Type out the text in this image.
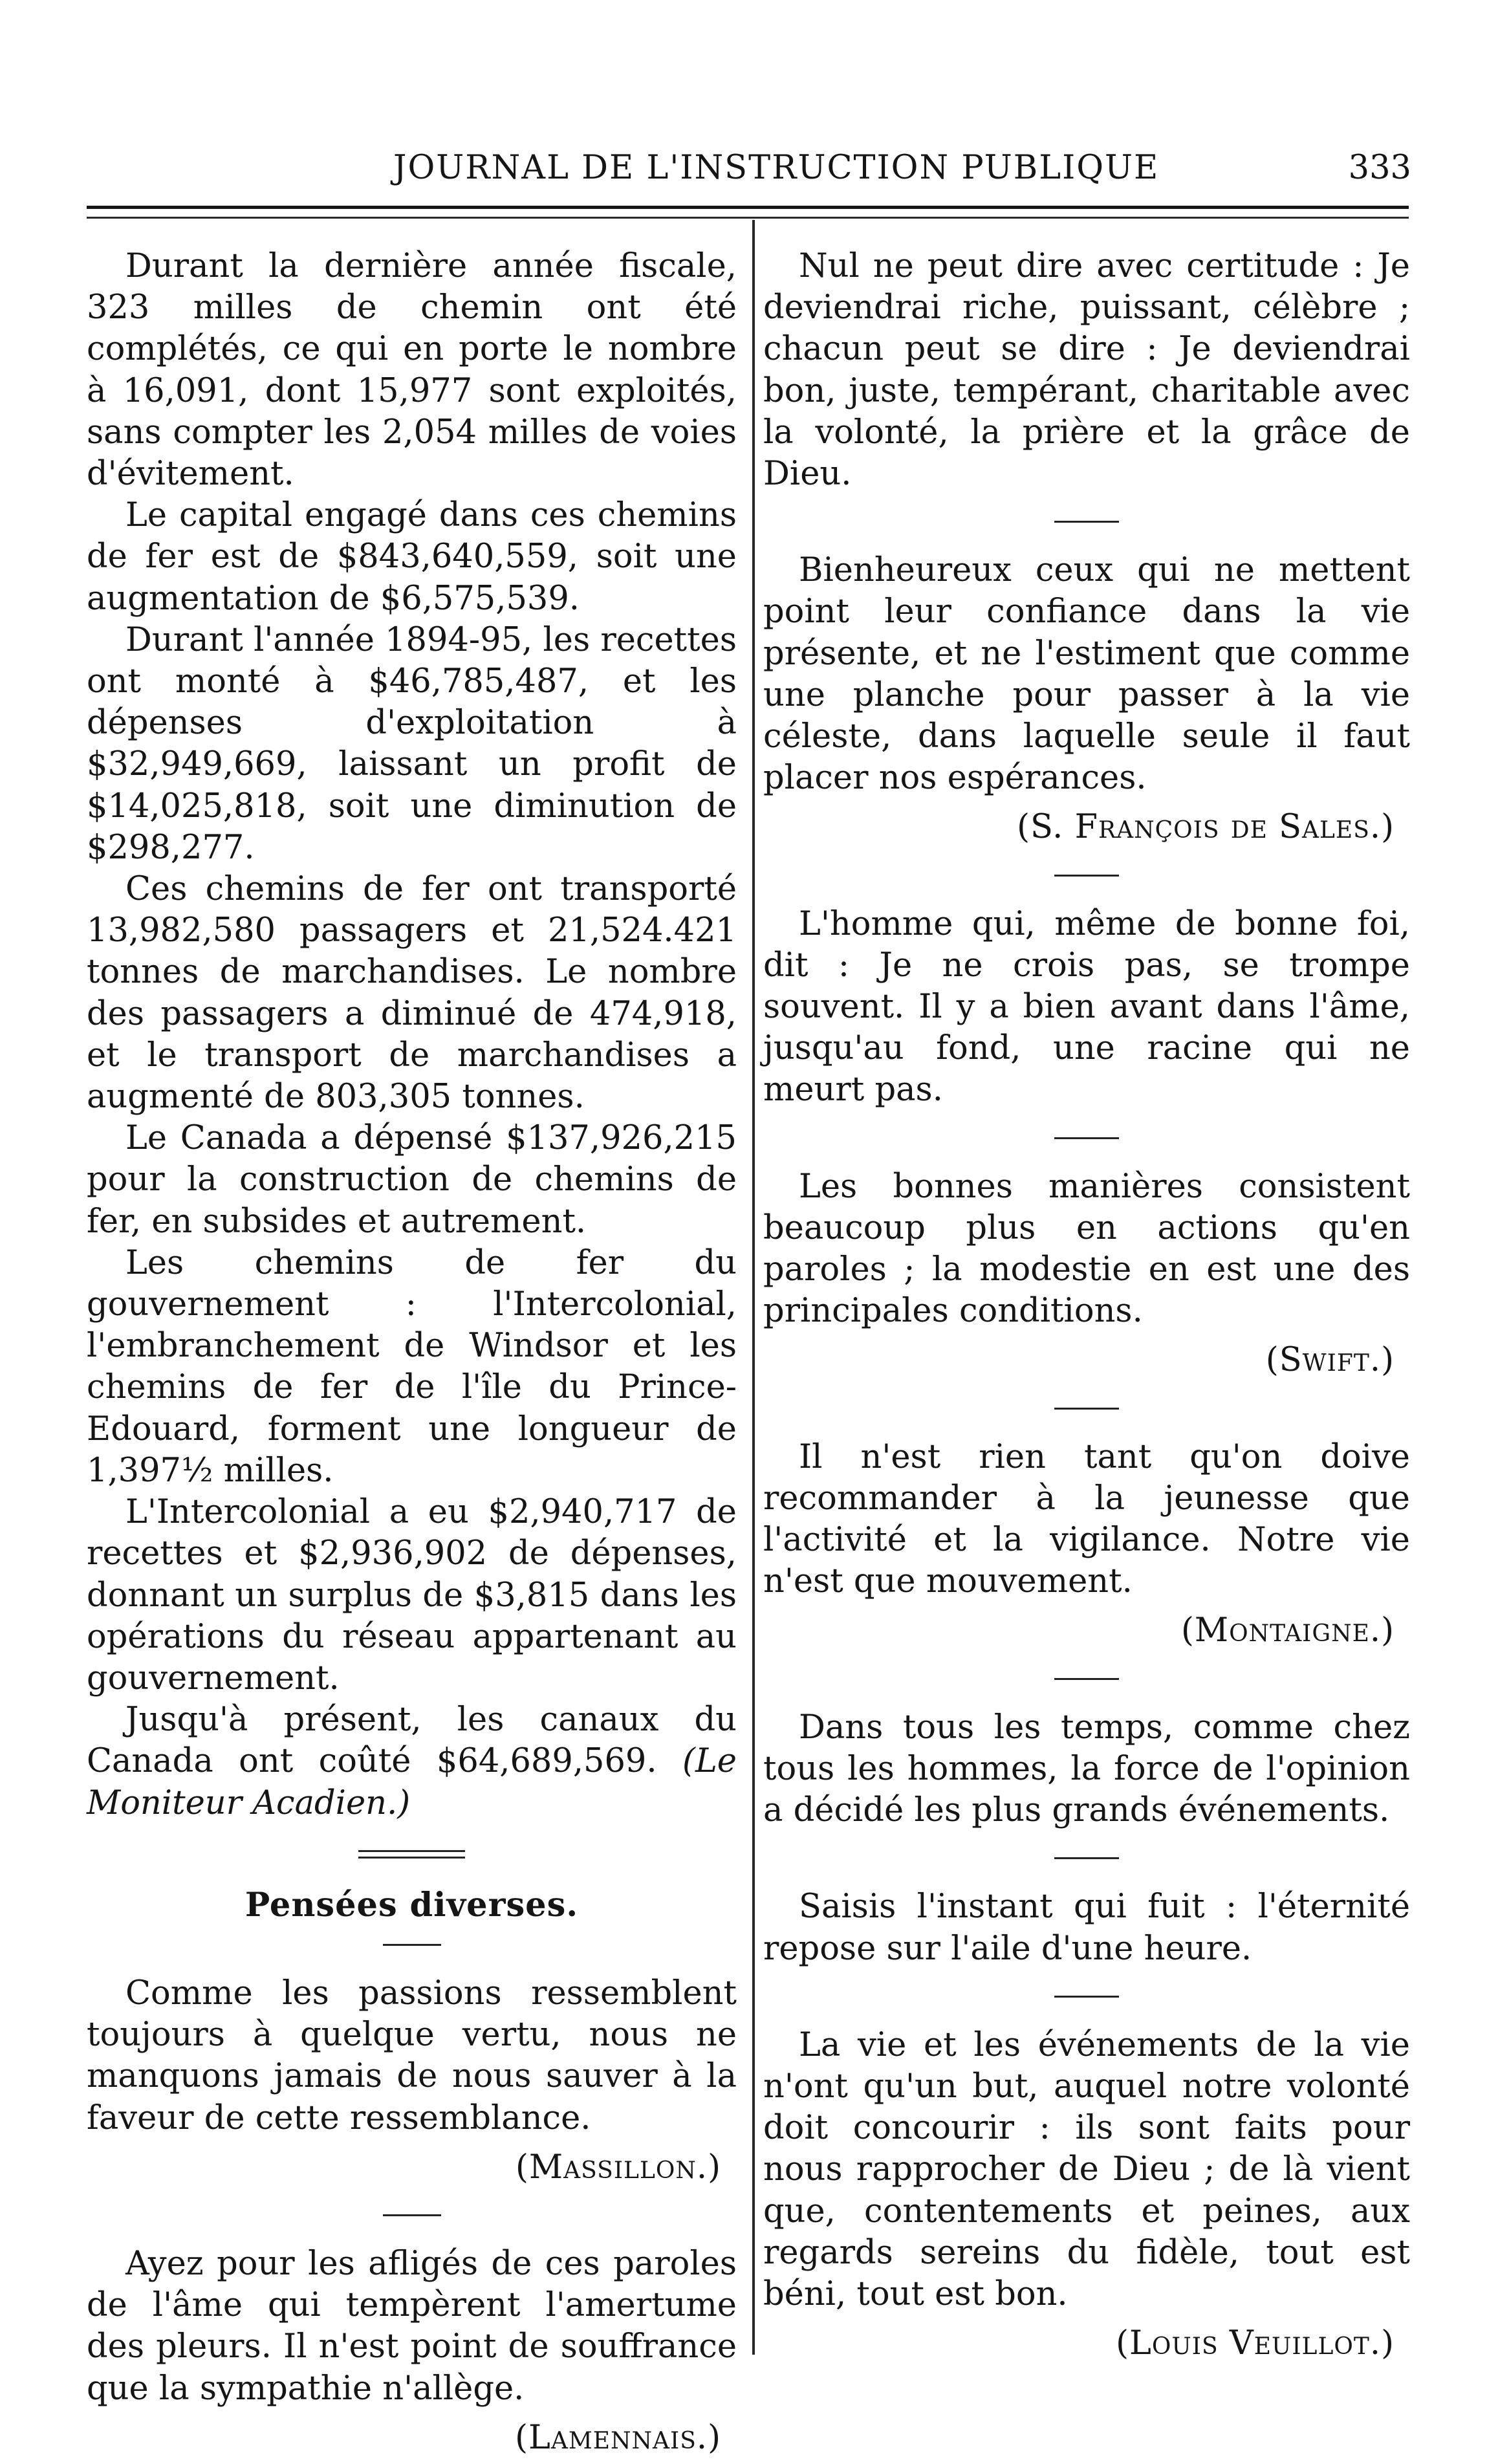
JOURNAL DE L'INSTRUCTION PUBLIQUE	333

Durant la dernière année fiscale, 323 milles de chemin ont été complétés, ce qui en porte le nombre à 16,091, dont 15,977 sont exploités, sans compter les 2,054 milles de voies d'évitement.

Le capital engagé dans ces chemins de fer est de $843,640,559, soit une augmentation de $6,575,539.

Durant l'année 1894-95, les recettes ont monté à $46,785,487, et les dépenses d'exploitation à $32,949,669, laissant un profit de $14,025,818, soit une diminution de $298,277.

Ces chemins de fer ont transporté 13,982,580 passagers et 21,524.421 tonnes de marchandises. Le nombre des passagers a diminué de 474,918, et le transport de marchandises a augmenté de 803,305 tonnes.

Le Canada a dépensé $137,926,215 pour la construction de chemins de fer, en subsides et autrement.

Les chemins de fer du gouvernement : l'Intercolonial, l'embranchement de Windsor et les chemins de fer de l'île du Prince-Edouard, forment une longueur de 1,397½ milles.

L'Intercolonial a eu $2,940,717 de recettes et $2,936,902 de dépenses, donnant un surplus de $3,815 dans les opérations du réseau appartenant au gouvernement.

Jusqu'à présent, les canaux du Canada ont coûté $64,689,569. (Le Moniteur Acadien.)

Pensées diverses.

Comme les passions ressemblent toujours à quelque vertu, nous ne manquons jamais de nous sauver à la faveur de cette ressemblance.

(Massillon.)

Ayez pour les afligés de ces paroles de l'âme qui tempèrent l'amertume des pleurs. Il n'est point de souffrance que la sympathie n'allège.

(Lamennais.)

Nul ne peut dire avec certitude : Je deviendrai riche, puissant, célèbre ; chacun peut se dire : Je deviendrai bon, juste, tempérant, charitable avec la volonté, la prière et la grâce de Dieu.

Bienheureux ceux qui ne mettent point leur confiance dans la vie présente, et ne l'estiment que comme une planche pour passer à la vie céleste, dans laquelle seule il faut placer nos espérances.

(S. François de Sales.)

L'homme qui, même de bonne foi, dit : Je ne crois pas, se trompe souvent. Il y a bien avant dans l'âme, jusqu'au fond, une racine qui ne meurt pas.

Les bonnes manières consistent beaucoup plus en actions qu'en paroles ; la modestie en est une des principales conditions.

(Swift.)

Il n'est rien tant qu'on doive recommander à la jeunesse que l'activité et la vigilance. Notre vie n'est que mouvement.

(Montaigne.)

Dans tous les temps, comme chez tous les hommes, la force de l'opinion a décidé les plus grands événements.

Saisis l'instant qui fuit : l'éternité repose sur l'aile d'une heure.

La vie et les événements de la vie n'ont qu'un but, auquel notre volonté doit concourir : ils sont faits pour nous rapprocher de Dieu ; de là vient que, contentements et peines, aux regards sereins du fidèle, tout est béni, tout est bon.

(Louis Veuillot.)
